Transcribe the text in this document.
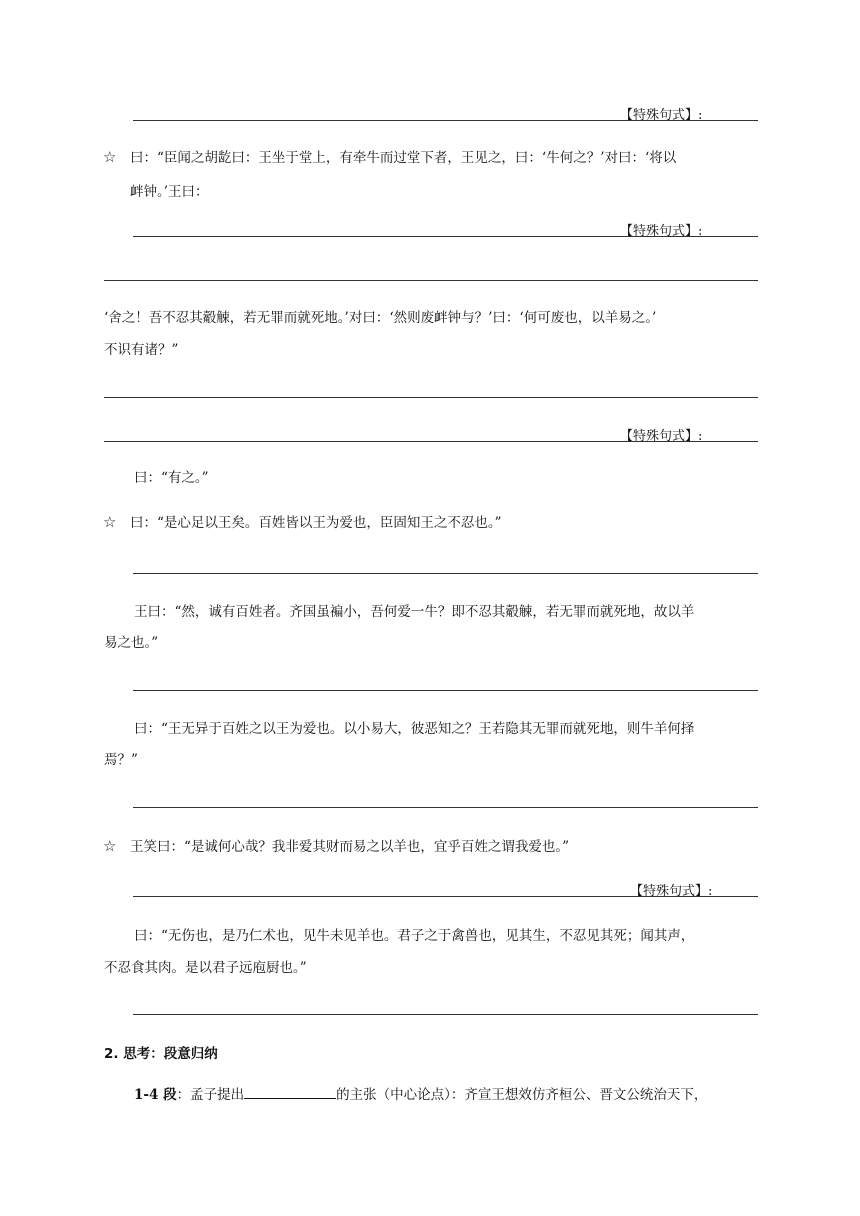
【特殊句式】:
☆ 曰：“臣闻之胡龁曰：王坐于堂上，有牵牛而过堂下者，王见之，曰：‘牛何之？’对曰：‘将以
衅钟。’王曰：
【特殊句式】:
‘舍之！吾不忍其觳觫，若无罪而就死地。’对曰：‘然则废衅钟与？’曰：‘何可废也，以羊易之。’
不识有诸？”
【特殊句式】:
曰：“有之。”
☆ 曰：“是心足以王矣。百姓皆以王为爱也，臣固知王之不忍也。”
王曰：“然，诚有百姓者。齐国虽褊小，吾何爱一牛？即不忍其觳觫，若无罪而就死地，故以羊
易之也。”
曰：“王无异于百姓之以王为爱也。以小易大，彼恶知之？王若隐其无罪而就死地，则牛羊何择
焉？”
☆ 王笑曰：“是诚何心哉？我非爱其财而易之以羊也，宜乎百姓之谓我爱也。”
【特殊句式】:
曰：“无伤也，是乃仁术也，见牛未见羊也。君子之于禽兽也，见其生，不忍见其死；闻其声，
不忍食其肉。是以君子远庖厨也。”
2. 思考：段意归纳
1-4 段：孟子提出	的主张（中心论点）：齐宣王想效仿齐桓公、晋文公统治天下，
